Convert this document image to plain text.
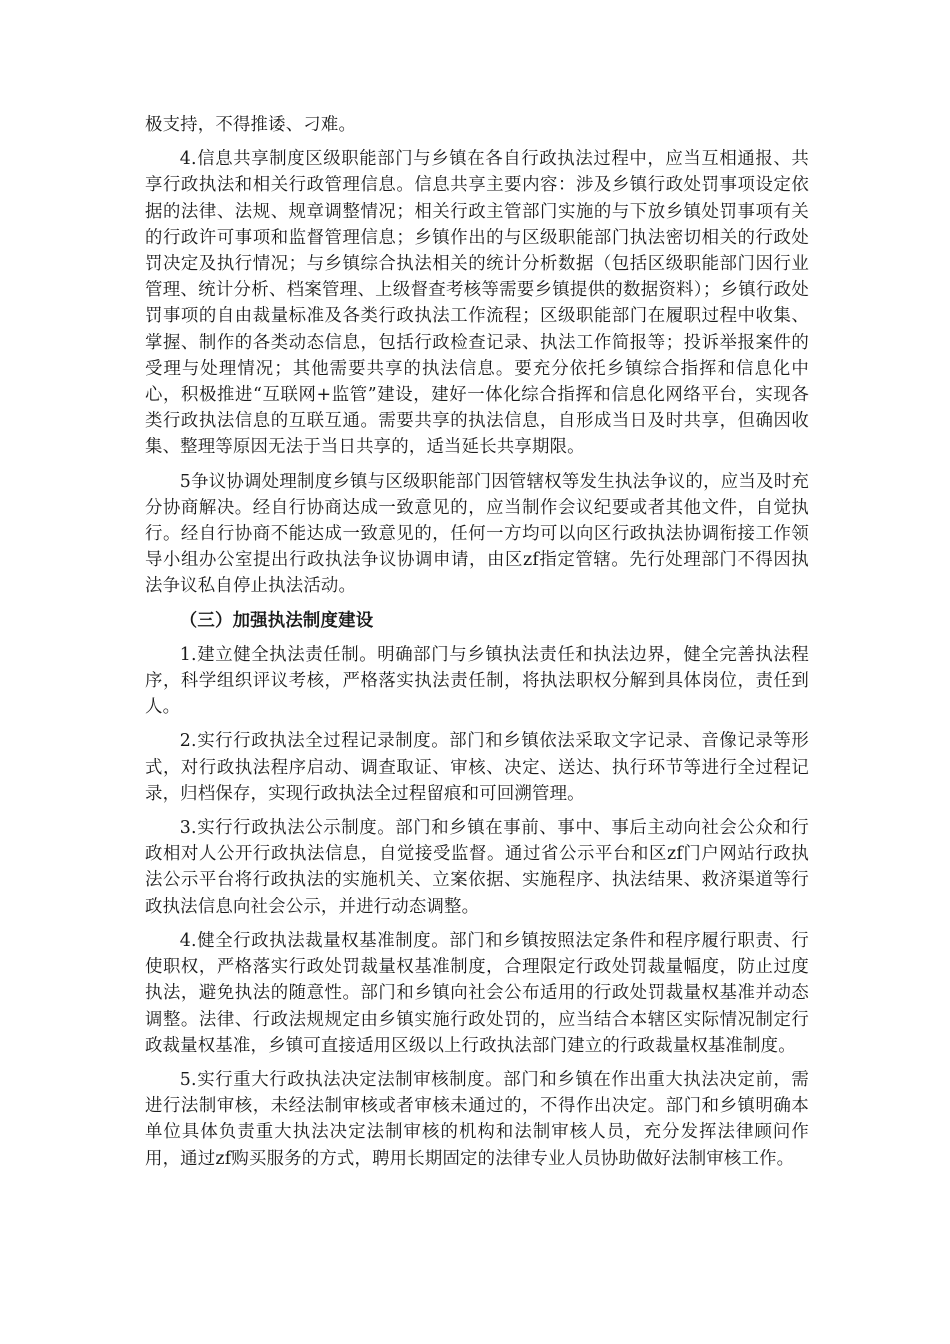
极支持，不得推诿、刁难。

4.信息共享制度区级职能部门与乡镇在各自行政执法过程中，应当互相通报、共享行政执法和相关行政管理信息。信息共享主要内容：涉及乡镇行政处罚事项设定依据的法律、法规、规章调整情况；相关行政主管部门实施的与下放乡镇处罚事项有关的行政许可事项和监督管理信息；乡镇作出的与区级职能部门执法密切相关的行政处罚决定及执行情况；与乡镇综合执法相关的统计分析数据（包括区级职能部门因行业管理、统计分析、档案管理、上级督查考核等需要乡镇提供的数据资料）；乡镇行政处罚事项的自由裁量标准及各类行政执法工作流程；区级职能部门在履职过程中收集、掌握、制作的各类动态信息，包括行政检查记录、执法工作简报等；投诉举报案件的受理与处理情况；其他需要共享的执法信息。要充分依托乡镇综合指挥和信息化中心，积极推进“互联网+监管”建设，建好一体化综合指挥和信息化网络平台，实现各类行政执法信息的互联互通。需要共享的执法信息，自形成当日及时共享，但确因收集、整理等原因无法于当日共享的，适当延长共享期限。

5争议协调处理制度乡镇与区级职能部门因管辖权等发生执法争议的，应当及时充分协商解决。经自行协商达成一致意见的，应当制作会议纪要或者其他文件，自觉执行。经自行协商不能达成一致意见的，任何一方均可以向区行政执法协调衔接工作领导小组办公室提出行政执法争议协调申请，由区zf指定管辖。先行处理部门不得因执法争议私自停止执法活动。

（三）加强执法制度建设

1.建立健全执法责任制。明确部门与乡镇执法责任和执法边界，健全完善执法程序，科学组织评议考核，严格落实执法责任制，将执法职权分解到具体岗位，责任到人。

2.实行行政执法全过程记录制度。部门和乡镇依法采取文字记录、音像记录等形式，对行政执法程序启动、调查取证、审核、决定、送达、执行环节等进行全过程记录，归档保存，实现行政执法全过程留痕和可回溯管理。

3.实行行政执法公示制度。部门和乡镇在事前、事中、事后主动向社会公众和行政相对人公开行政执法信息，自觉接受监督。通过省公示平台和区zf门户网站行政执法公示平台将行政执法的实施机关、立案依据、实施程序、执法结果、救济渠道等行政执法信息向社会公示，并进行动态调整。

4.健全行政执法裁量权基准制度。部门和乡镇按照法定条件和程序履行职责、行使职权，严格落实行政处罚裁量权基准制度，合理限定行政处罚裁量幅度，防止过度执法，避免执法的随意性。部门和乡镇向社会公布适用的行政处罚裁量权基准并动态调整。法律、行政法规规定由乡镇实施行政处罚的，应当结合本辖区实际情况制定行政裁量权基准，乡镇可直接适用区级以上行政执法部门建立的行政裁量权基准制度。

5.实行重大行政执法决定法制审核制度。部门和乡镇在作出重大执法决定前，需进行法制审核，未经法制审核或者审核未通过的，不得作出决定。部门和乡镇明确本单位具体负责重大执法决定法制审核的机构和法制审核人员，充分发挥法律顾问作用，通过zf购买服务的方式，聘用长期固定的法律专业人员协助做好法制审核工作。
